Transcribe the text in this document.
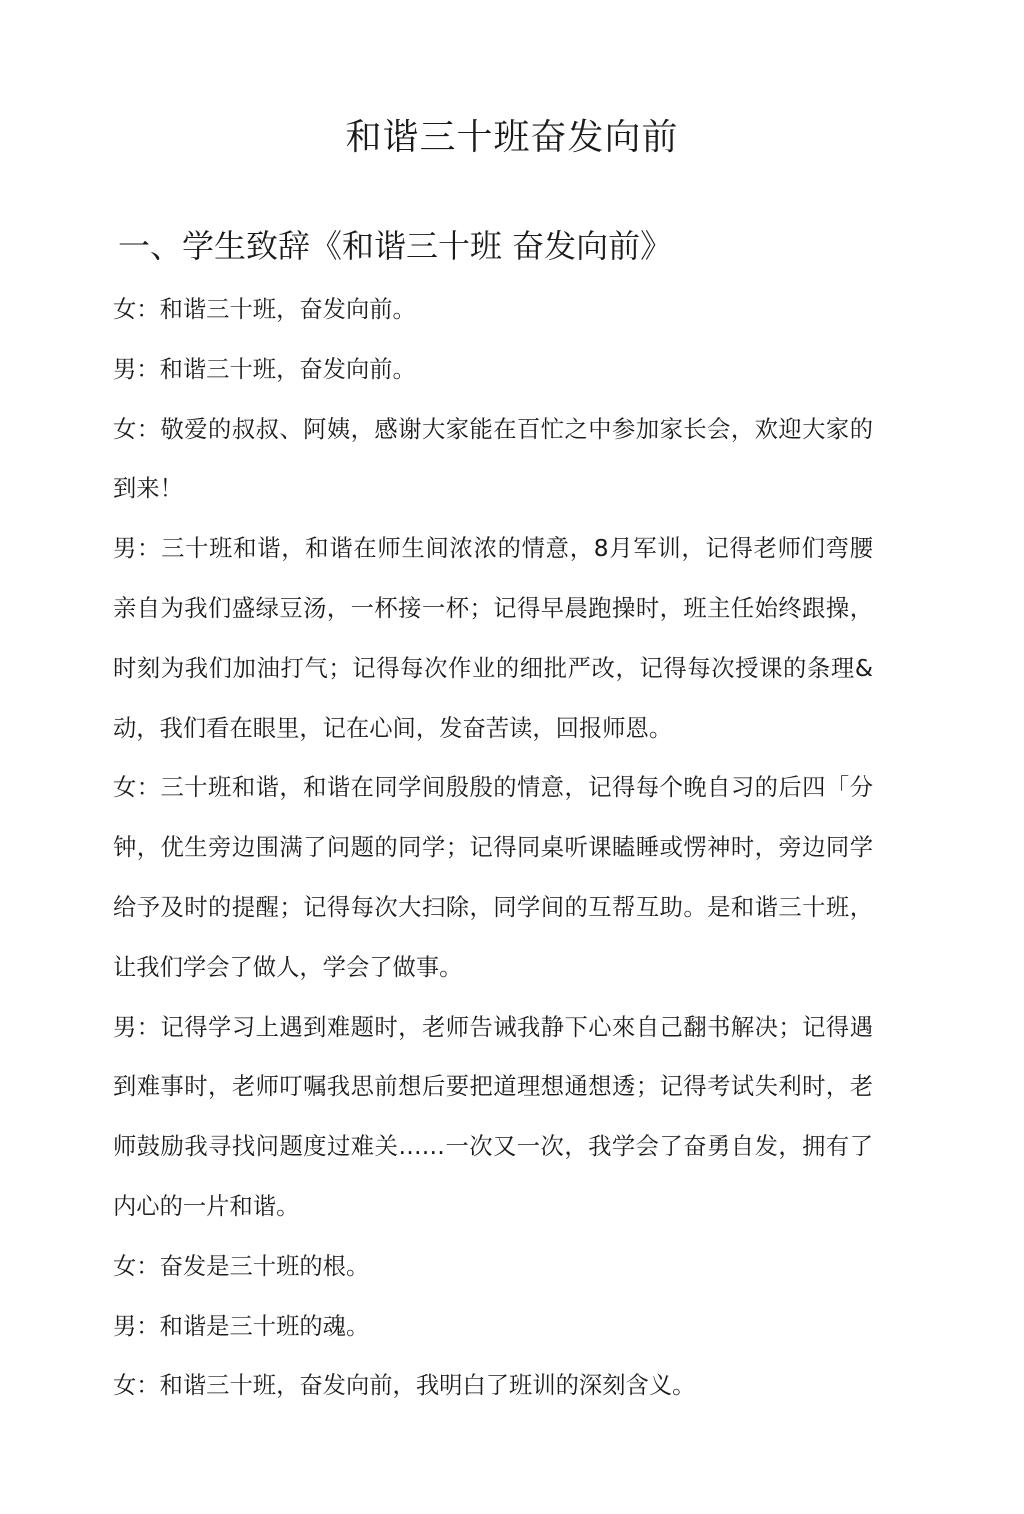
和谐三十班奋发向前
一、学生致辞《和谐三十班 奋发向前》

女：和谐三十班，奋发向前。

男：和谐三十班，奋发向前。

女：敬爱的叔叔、阿姨，感谢大家能在百忙之中参加家长会，欢迎大家的到来！

男：三十班和谐，和谐在师生间浓浓的情意，8月军训，记得老师们弯腰亲自为我们盛绿豆汤，一杯接一杯；记得早晨跑操时，班主任始终跟操，时刻为我们加油打气；记得每次作业的细批严改，记得每次授课的条理&动，我们看在眼里，记在心间，发奋苦读，回报师恩。

女：三十班和谐，和谐在同学间殷殷的情意，记得每个晚自习的后四「分钟，优生旁边围满了问题的同学；记得同桌听课瞌睡或愣神时，旁边同学给予及时的提醒；记得每次大扫除，同学间的互帮互助。是和谐三十班，让我们学会了做人，学会了做事。

男：记得学习上遇到难题时，老师告诫我静下心來自己翻书解决；记得遇到难事时，老师叮嘱我思前想后要把道理想通想透；记得考试失利时，老师鼓励我寻找问题度过难关……一次又一次，我学会了奋勇自发，拥有了内心的一片和谐。

女：奋发是三十班的根。

男：和谐是三十班的魂。

女：和谐三十班，奋发向前，我明白了班训的深刻含义。
